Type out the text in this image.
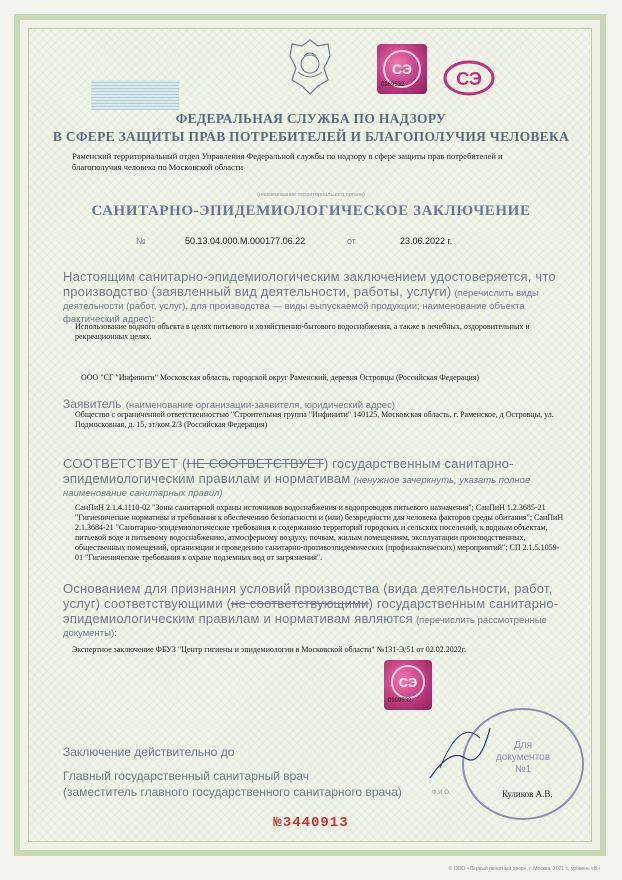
СЭ
0969532	СЭ
ФЕДЕРАЛЬНАЯ СЛУЖБА ПО НАДЗОРУ
В СФЕРЕ ЗАЩИТЫ ПРАВ ПОТРЕБИТЕЛЕЙ И БЛАГОПОЛУЧИЯ ЧЕЛОВЕКА
Раменский территориальный отдел Управления Федеральной службы по надзору в сфере защиты прав потребителей и благополучия человека по Московской области
(наименование территориального органа)
САНИТАРНО-ЭПИДЕМИОЛОГИЧЕСКОЕ ЗАКЛЮЧЕНИЕ
№	50.13.04.000.М.000177.06.22	от	23.06.2022 г.
Настоящим санитарно-эпидемиологическим заключением удостоверяется, что производство (заявленный вид деятельности, работы, услуги) (перечислить виды деятельности (работ, услуг), для производства — виды выпускаемой продукции; наименование объекта фактический адрес):
Использование водного объекта в целях питьевого и хозяйственно-бытового водоснабжения, а также в лечебных, оздоровительных и рекреационных целях.
ООО "СГ "Инфинити" Московская область, городской округ Раменский, деревня Островцы (Российская Федерация)
Заявитель (наименование организации-заявителя, юридический адрес)
Общество с ограниченной ответственностью "Строительная группа "Инфинити" 140125, Московская область, г. Раменское, д Островцы, ул. Подмосковная, д. 15, эт/ком 2/3 (Российская Федерация)
СООТВЕТСТВУЕТ (НЕ СООТВЕТСТВУЕТ) государственным санитарно-эпидемиологическим правилам и нормативам (ненужное зачеркнуть, указать полное наименование санитарных правил)
СанПиН 2.1.4.1110-02 "Зоны санитарной охраны источников водоснабжения и водопроводов питьевого назначения"; СанПиН 1.2.3685-21 "Гигиенические нормативы и требования к обеспечению безопасности и (или) безвредности для человека факторов среды обитания"; СанПиН 2.1.3684-21 "Санитарно-эпидемиологические требования к содержанию территорий городских и сельских поселений, к водным объектам, питьевой воде и питьевому водоснабжению, атмосферному воздуху, почвам, жилым помещениям, эксплуатации производственных, общественных помещений, организации и проведению санитарно-противоэпидемических (профилактических) мероприятий"; СП 2.1.5.1059-01 "Гигиенические требования к охране подземных вод от загрязнения".
Основанием для признания условий производства (вида деятельности, работ, услуг) соответствующими (не соответствующими) государственным санитарно-эпидемиологическим правилам и нормативам являются (перечислить рассмотренные документы):
Экспертное заключение ФБУЗ "Центр гигиены и эпидемиологии в Московской области" №131-Э/51 от 02.02.2022г.
СЭ
0969532
Заключение действительно до
Главный государственный санитарный врач
(заместитель главного государственного санитарного врача)
Для
документов
№1
Ф.И.О.	Куликов А.В.
№3440913
© ООО «Первый печатный двор», г. Москва, 2021 г., уровень «В»
